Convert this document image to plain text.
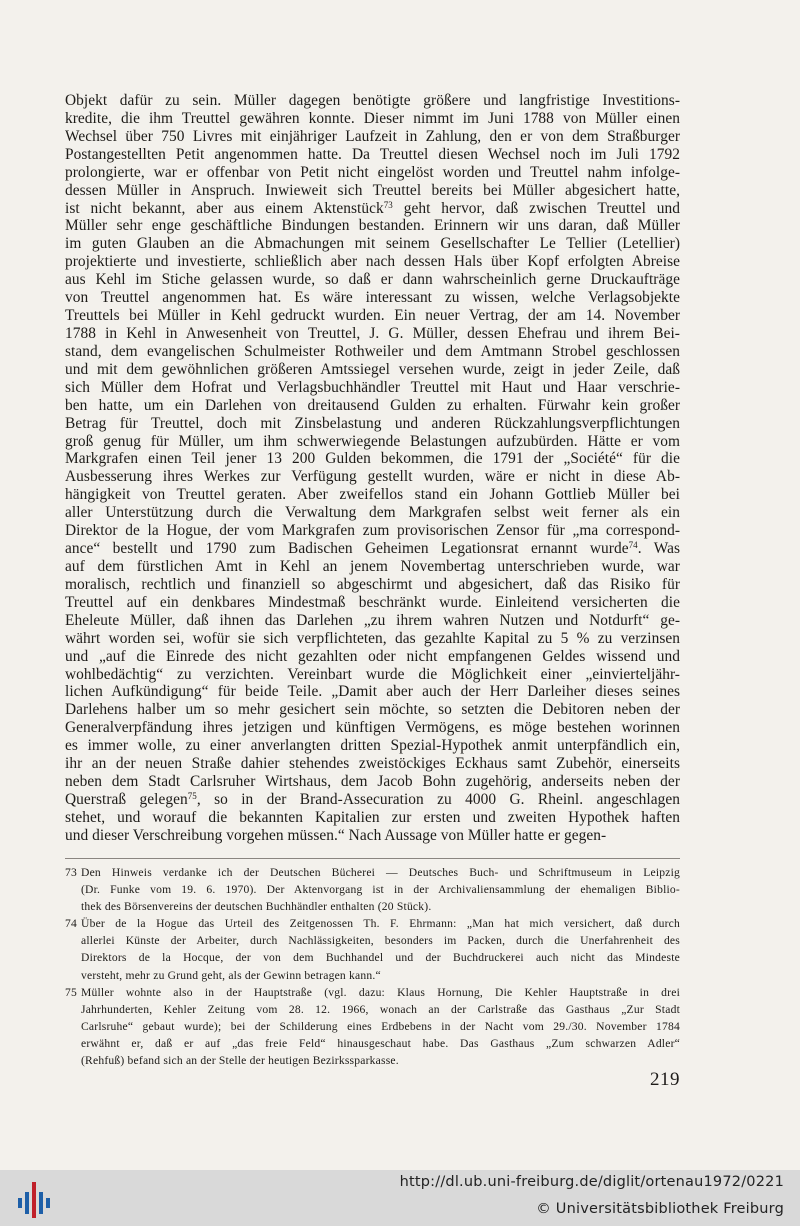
Objekt dafür zu sein. Müller dagegen benötigte größere und langfristige Investitions-
kredite, die ihm Treuttel gewähren konnte. Dieser nimmt im Juni 1788 von Müller einen
Wechsel über 750 Livres mit einjähriger Laufzeit in Zahlung, den er von dem Straßburger
Postangestellten Petit angenommen hatte. Da Treuttel diesen Wechsel noch im Juli 1792
prolongierte, war er offenbar von Petit nicht eingelöst worden und Treuttel nahm infolge-
dessen Müller in Anspruch. Inwieweit sich Treuttel bereits bei Müller abgesichert hatte,
ist nicht bekannt, aber aus einem Aktenstück$^{73}$ geht hervor, daß zwischen Treuttel und
Müller sehr enge geschäftliche Bindungen bestanden. Erinnern wir uns daran, daß Müller
im guten Glauben an die Abmachungen mit seinem Gesellschafter Le Tellier (Letellier)
projektierte und investierte, schließlich aber nach dessen Hals über Kopf erfolgten Abreise
aus Kehl im Stiche gelassen wurde, so daß er dann wahrscheinlich gerne Druckaufträge
von Treuttel angenommen hat. Es wäre interessant zu wissen, welche Verlagsobjekte
Treuttels bei Müller in Kehl gedruckt wurden. Ein neuer Vertrag, der am 14. November
1788 in Kehl in Anwesenheit von Treuttel, J. G. Müller, dessen Ehefrau und ihrem Bei-
stand, dem evangelischen Schulmeister Rothweiler und dem Amtmann Strobel geschlossen
und mit dem gewöhnlichen größeren Amtssiegel versehen wurde, zeigt in jeder Zeile, daß
sich Müller dem Hofrat und Verlagsbuchhändler Treuttel mit Haut und Haar verschrie-
ben hatte, um ein Darlehen von dreitausend Gulden zu erhalten. Fürwahr kein großer
Betrag für Treuttel, doch mit Zinsbelastung und anderen Rückzahlungsverpflichtungen
groß genug für Müller, um ihm schwerwiegende Belastungen aufzubürden. Hätte er vom
Markgrafen einen Teil jener 13 200 Gulden bekommen, die 1791 der „Société“ für die
Ausbesserung ihres Werkes zur Verfügung gestellt wurden, wäre er nicht in diese Ab-
hängigkeit von Treuttel geraten. Aber zweifellos stand ein Johann Gottlieb Müller bei
aller Unterstützung durch die Verwaltung dem Markgrafen selbst weit ferner als ein
Direktor de la Hogue, der vom Markgrafen zum provisorischen Zensor für „ma correspond-
ance“ bestellt und 1790 zum Badischen Geheimen Legationsrat ernannt wurde$^{74}$. Was
auf dem fürstlichen Amt in Kehl an jenem Novembertag unterschrieben wurde, war
moralisch, rechtlich und finanziell so abgeschirmt und abgesichert, daß das Risiko für
Treuttel auf ein denkbares Mindestmaß beschränkt wurde. Einleitend versicherten die
Eheleute Müller, daß ihnen das Darlehen „zu ihrem wahren Nutzen und Notdurft“ ge-
währt worden sei, wofür sie sich verpflichteten, das gezahlte Kapital zu 5 % zu verzinsen
und „auf die Einrede des nicht gezahlten oder nicht empfangenen Geldes wissend und
wohlbedächtig“ zu verzichten. Vereinbart wurde die Möglichkeit einer „einvierteljähr-
lichen Aufkündigung“ für beide Teile. „Damit aber auch der Herr Darleiher dieses seines
Darlehens halber um so mehr gesichert sein möchte, so setzten die Debitoren neben der
Generalverpfändung ihres jetzigen und künftigen Vermögens, es möge bestehen worinnen
es immer wolle, zu einer anverlangten dritten Spezial-Hypothek anmit unterpfändlich ein,
ihr an der neuen Straße dahier stehendes zweistöckiges Eckhaus samt Zubehör, einerseits
neben dem Stadt Carlsruher Wirtshaus, dem Jacob Bohn zugehörig, anderseits neben der
Querstraß gelegen$^{75}$, so in der Brand-Assecuration zu 4000 G. Rheinl. angeschlagen
stehet, und worauf die bekannten Kapitalien zur ersten und zweiten Hypothek haften
und dieser Verschreibung vorgehen müssen.“ Nach Aussage von Müller hatte er gegen-
73 Den Hinweis verdanke ich der Deutschen Bücherei — Deutsches Buch- und Schriftmuseum in Leipzig
(Dr. Funke vom 19. 6. 1970). Der Aktenvorgang ist in der Archivaliensammlung der ehemaligen Biblio-
thek des Börsenvereins der deutschen Buchhändler enthalten (20 Stück).
74 Über de la Hogue das Urteil des Zeitgenossen Th. F. Ehrmann: „Man hat mich versichert, daß durch
allerlei Künste der Arbeiter, durch Nachlässigkeiten, besonders im Packen, durch die Unerfahrenheit des
Direktors de la Hocque, der von dem Buchhandel und der Buchdruckerei auch nicht das Mindeste
versteht, mehr zu Grund geht, als der Gewinn betragen kann.“
75 Müller wohnte also in der Hauptstraße (vgl. dazu: Klaus Hornung, Die Kehler Hauptstraße in drei
Jahrhunderten, Kehler Zeitung vom 28. 12. 1966, wonach an der Carlstraße das Gasthaus „Zur Stadt
Carlsruhe“ gebaut wurde); bei der Schilderung eines Erdbebens in der Nacht vom 29./30. November 1784
erwähnt er, daß er auf „das freie Feld“ hinausgeschaut habe. Das Gasthaus „Zum schwarzen Adler“
(Rehfuß) befand sich an der Stelle der heutigen Bezirkssparkasse.
219
http://dl.ub.uni-freiburg.de/diglit/ortenau1972/0221
© Universitätsbibliothek Freiburg
